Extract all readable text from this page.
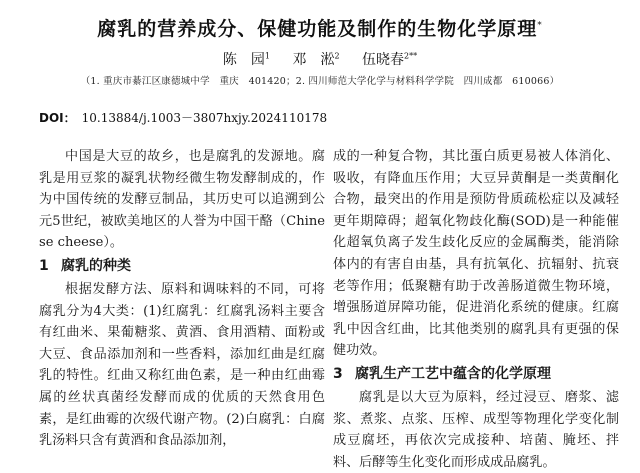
腐乳的营养成分、保健功能及制作的生物化学原理*
陈　园$^1$ 邓　淞$^2$ 伍晓春$^{2**}$
（1. 重庆市綦江区康德城中学　重庆　401420；2. 四川师范大学化学与材料科学学院　四川成都　610066）
DOI： 10.13884/j.1003－3807hxjy.2024110178

中国是大豆的故乡，也是腐乳的发源地。腐乳是用豆浆的凝乳状物经微生物发酵制成的，作为中国传统的发酵豆制品，其历史可以追溯到公元5世纪，被欧美地区的人誉为中国干酪（Chinese cheese）。

1 腐乳的种类

根据发酵方法、原料和调味料的不同，可将腐乳分为4大类：(1)红腐乳：红腐乳汤料主要含有红曲米、果葡糖浆、黄酒、食用酒精、面粉或大豆、食品添加剂和一些香料，添加红曲是红腐乳的特性。红曲又称红曲色素，是一种由红曲霉属的丝状真菌经发酵而成的优质的天然食用色素，是红曲霉的次级代谢产物。(2)白腐乳：白腐乳汤料只含有黄酒和食品添加剂，

成的一种复合物，其比蛋白质更易被人体消化、吸收，有降血压作用；大豆异黄酮是一类黄酮化合物，最突出的作用是预防骨质疏松症以及减轻更年期障碍；超氧化物歧化酶(SOD)是一种能催化超氧负离子发生歧化反应的金属酶类，能消除体内的有害自由基，具有抗氧化、抗辐射、抗衰老等作用；低聚糖有助于改善肠道微生物环境，增强肠道屏障功能，促进消化系统的健康。红腐乳中因含红曲，比其他类别的腐乳具有更强的保健功效。

3 腐乳生产工艺中蕴含的化学原理

腐乳是以大豆为原料，经过浸豆、磨浆、滤浆、煮浆、点浆、压榨、成型等物理化学变化制成豆腐坯，再依次完成接种、培菌、腌坯、拌料、后酵等生化变化而形成成品腐乳。
